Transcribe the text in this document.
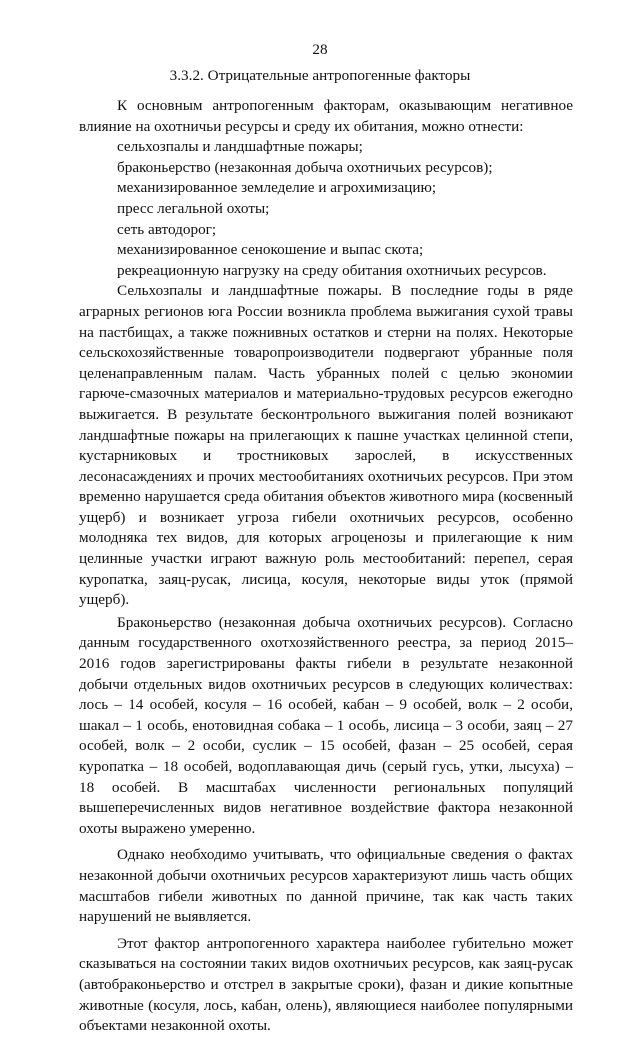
28
3.3.2. Отрицательные антропогенные факторы

К основным антропогенным факторам, оказывающим негативное влияние на охотничьи ресурсы и среду их обитания, можно отнести:

сельхозпалы и ландшафтные пожары;
браконьерство (незаконная добыча охотничьих ресурсов);
механизированное земледелие и агрохимизацию;
пресс легальной охоты;
сеть автодорог;
механизированное сенокошение и выпас скота;
рекреационную нагрузку на среду обитания охотничьих ресурсов.

Сельхозпалы и ландшафтные пожары. В последние годы в ряде аграрных регионов юга России возникла проблема выжигания сухой травы на пастбищах, а также пожнивных остатков и стерни на полях. Некоторые сельскохозяйственные товаропроизводители подвергают убранные поля целенаправленным палам. Часть убранных полей с целью экономии гарюче-смазочных материалов и материально-трудовых ресурсов ежегодно выжигается. В результате бесконтрольного выжигания полей возникают ландшафтные пожары на прилегающих к пашне участках целинной степи, кустарниковых и тростниковых зарослей, в искусственных лесонасаждениях и прочих местообитаниях охотничьих ресурсов. При этом временно нарушается среда обитания объектов животного мира (косвенный ущерб) и возникает угроза гибели охотничьих ресурсов, особенно молодняка тех видов, для которых агроценозы и прилегающие к ним целинные участки играют важную роль местообитаний: перепел, серая куропатка, заяц-русак, лисица, косуля, некоторые виды уток (прямой ущерб).

Браконьерство (незаконная добыча охотничьих ресурсов). Согласно данным государственного охотхозяйственного реестра, за период 2015–2016 годов зарегистрированы факты гибели в результате незаконной добычи отдельных видов охотничьих ресурсов в следующих количествах: лось – 14 особей, косуля – 16 особей, кабан – 9 особей, волк – 2 особи, шакал – 1 особь, енотовидная собака – 1 особь, лисица – 3 особи, заяц – 27 особей, волк – 2 особи, суслик – 15 особей, фазан – 25 особей, серая куропатка – 18 особей, водоплавающая дичь (серый гусь, утки, лысуха) – 18 особей. В масштабах численности региональных популяций вышеперечисленных видов негативное воздействие фактора незаконной охоты выражено умеренно.

Однако необходимо учитывать, что официальные сведения о фактах незаконной добычи охотничьих ресурсов характеризуют лишь часть общих масштабов гибели животных по данной причине, так как часть таких нарушений не выявляется.

Этот фактор антропогенного характера наиболее губительно может сказываться на состоянии таких видов охотничьих ресурсов, как заяц-русак (автобраконьерство и отстрел в закрытые сроки), фазан и дикие копытные животные (косуля, лось, кабан, олень), являющиеся наиболее популярными объектами незаконной охоты.
